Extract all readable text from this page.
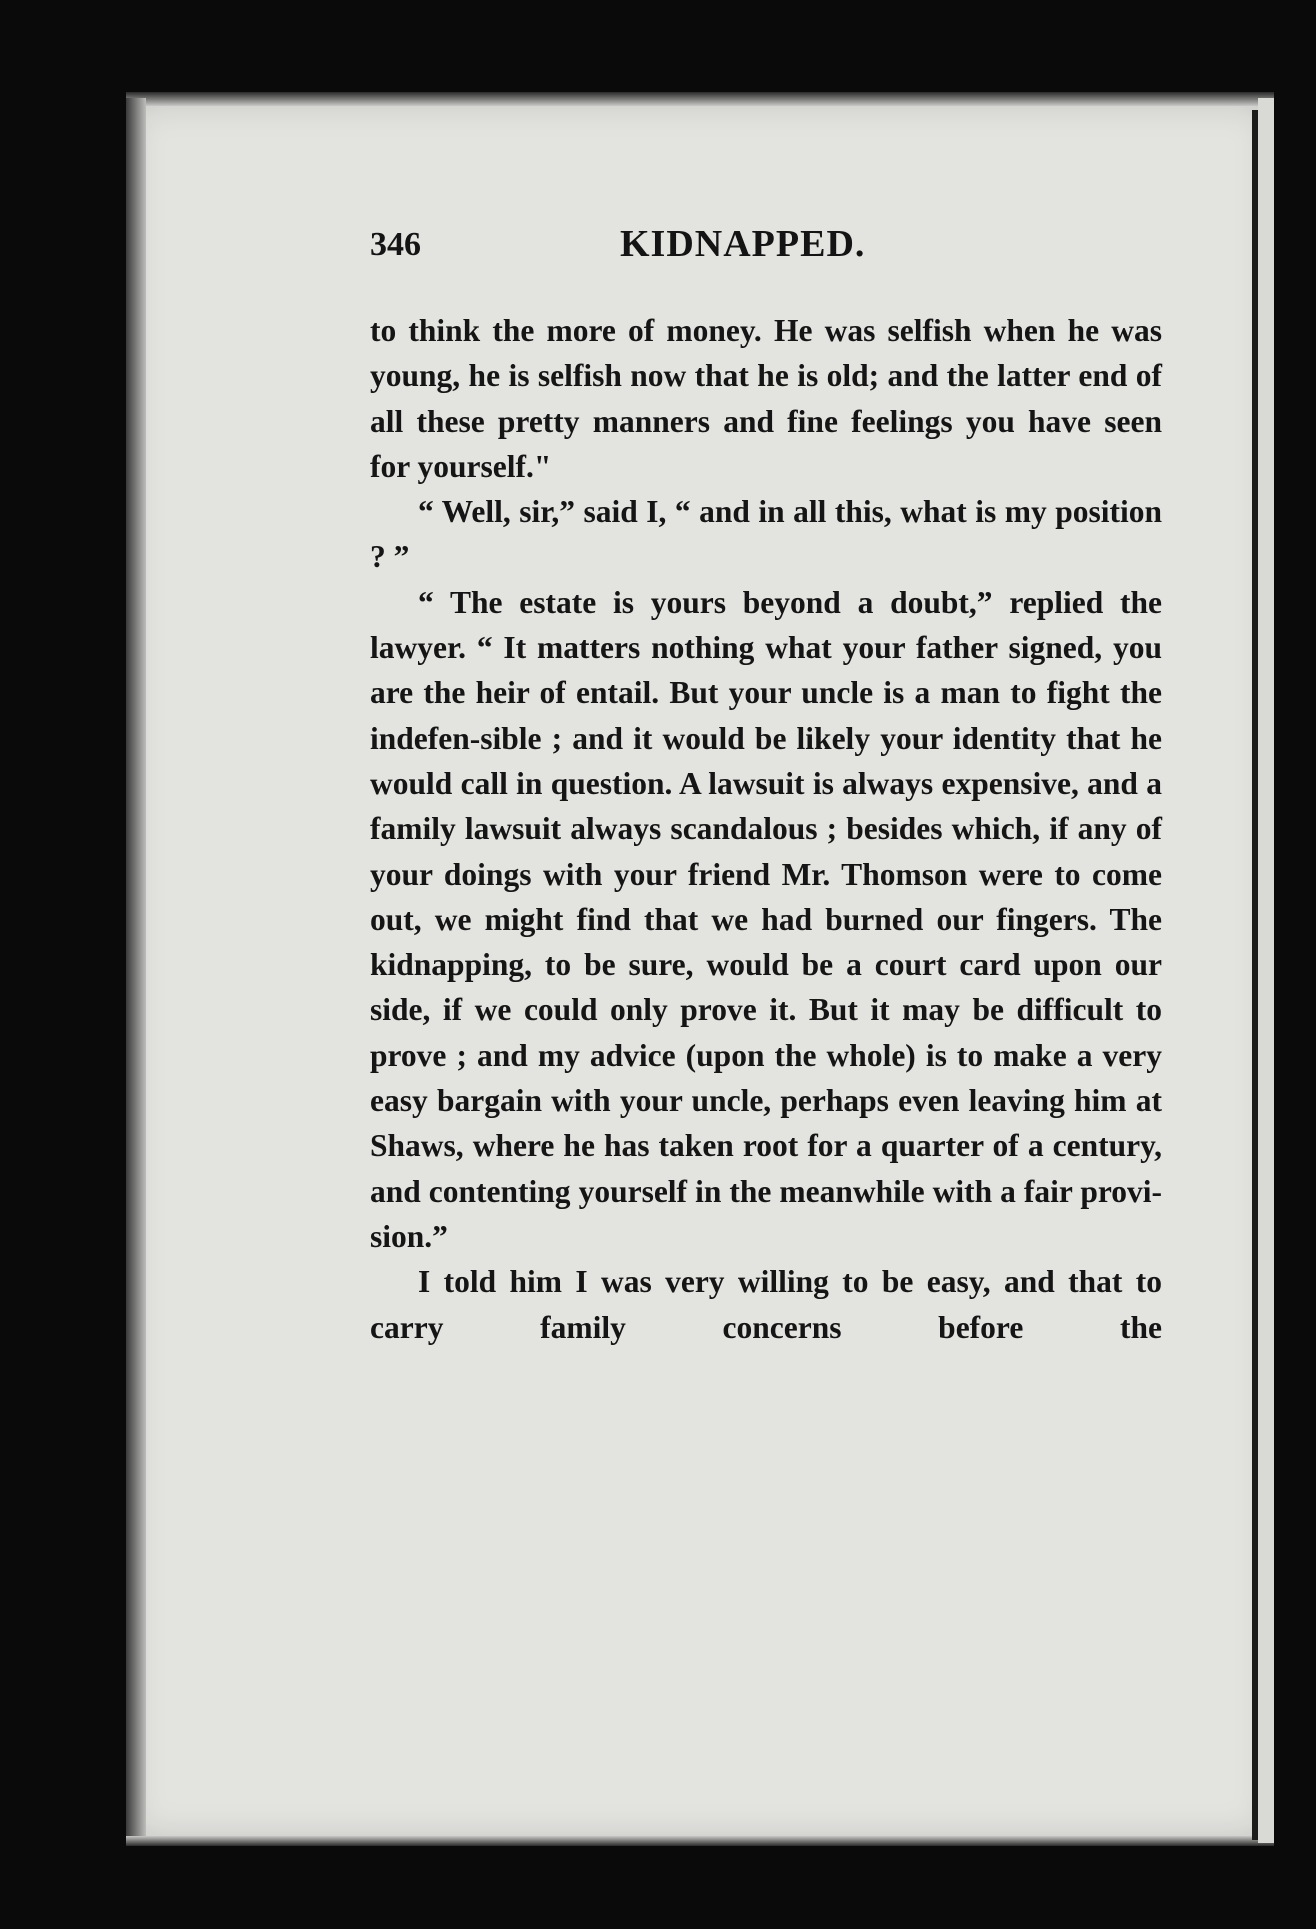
346	KIDNAPPED.

to think the more of money. He was selfish when he was young, he is selfish now that he is old; and the latter end of all these pretty manners and fine feelings you have seen for yourself."

“ Well, sir,” said I, “ and in all this, what is my position ? ”

“ The estate is yours beyond a doubt,” replied the lawyer. “ It matters nothing what your father signed, you are the heir of entail. But your uncle is a man to fight the indefen-sible ; and it would be likely your identity that he would call in question. A lawsuit is always expensive, and a family lawsuit always scandalous ; besides which, if any of your doings with your friend Mr. Thomson were to come out, we might find that we had burned our fingers. The kidnapping, to be sure, would be a court card upon our side, if we could only prove it. But it may be difficult to prove ; and my advice (upon the whole) is to make a very easy bargain with your uncle, perhaps even leaving him at Shaws, where he has taken root for a quarter of a century, and contenting yourself in the meanwhile with a fair provi-sion.”

I told him I was very willing to be easy, and that to carry family concerns before the
